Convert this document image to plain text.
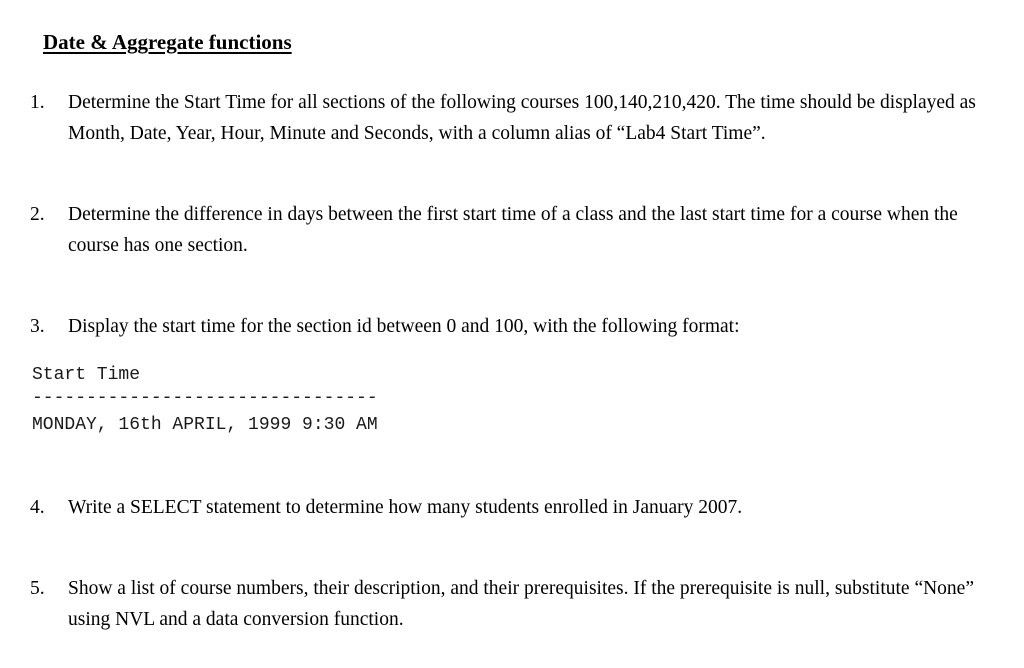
Date & Aggregate functions
1. Determine the Start Time for all sections of the following courses 100,140,210,420. The time should be displayed as Month, Date, Year, Hour, Minute and Seconds, with a column alias of “Lab4 Start Time”.
2. Determine the difference in days between the first start time of a class and the last start time for a course when the course has one section.
3. Display the start time for the section id between 0 and 100, with the following format:
Start Time
--------------------------------
MONDAY, 16th APRIL, 1999 9:30 AM
4. Write a SELECT statement to determine how many students enrolled in January 2007.
5. Show a list of course numbers, their description, and their prerequisites. If the prerequisite is null, substitute “None” using NVL and a data conversion function.
